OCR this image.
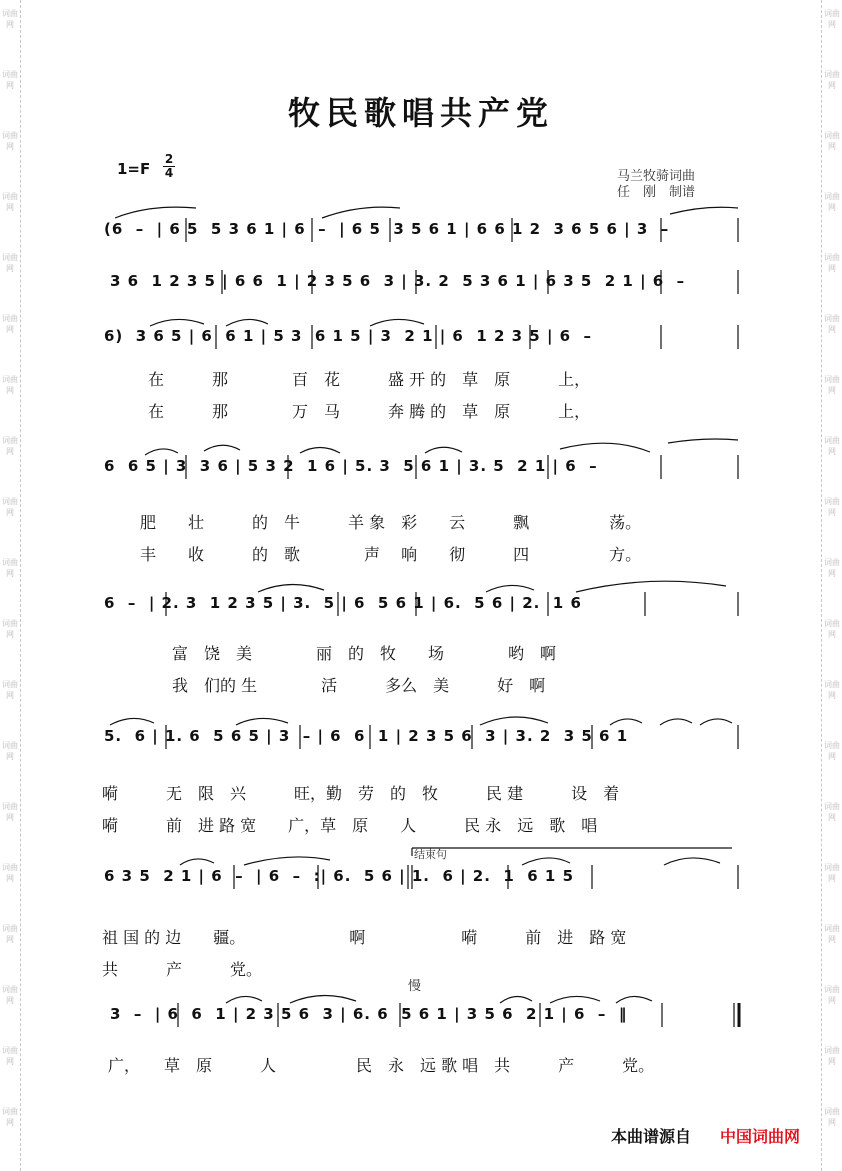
词曲网
词曲网
词曲网
词曲网
词曲网
词曲网
词曲网
词曲网
词曲网
词曲网
词曲网
词曲网
词曲网
词曲网
词曲网
词曲网
词曲网
词曲网
词曲网
词曲网
词曲网
词曲网
词曲网
词曲网
词曲网
词曲网
词曲网
词曲网
词曲网
词曲网
词曲网
词曲网
词曲网
词曲网
词曲网
词曲网
词曲网
词曲网
牧民歌唱共产党
1=F
2
4	马兰牧骑词曲
任　刚　制谱
(6  –  | 6 5  5 3 6 1 | 6  –  | 6 5  3 5 6 1 | 6 6 1 2  3 6 5 6 | 3  –
3 6  1 2 3 5 | 6 6  1 | 2 3 5 6  3 | 3. 2  5 3 6 1 | 6 3 5  2 1 | 6  –
6)  3 6 5 | 6  6 1 | 5 3  6 1 5 | 3  2 1 | 6  1 2 3 5 | 6  –
在　　　那　　　　百　花　　　盛 开 的　草　原　　　上，
在　　　那　　　　万　马　　　奔 腾 的　草　原　　　上，
6  6 5 | 3  3 6 | 5 3 2  1 6 | 5. 3  5 6 1 | 3. 5  2 1 | 6  –
肥　　壮　　　的　牛　　　羊 象　彩　　云　　　飘　　　　　荡。
丰　　收　　　的　歌　　　　声　 响　　彻　　　四　　　　　方。
6  –  | 2. 3  1 2 3 5 | 3.  5 | 6  5 6 1 | 6.  5 6 | 2.  1 6
富　饶　美　　　　丽　的　牧　　场　　　　哟　啊
我　们的 生　　　　活　　　多么　美　　　好　啊
5.  6 | 1. 6  5 6 5 | 3  – | 6  6  1 | 2 3 5 6  3 | 3. 2  3 5 6 1
嗬　　　无　限　兴　　　旺，勤　劳　的　牧　　　民 建　　　设　着
嗬　　　前　进 路 宽　　广，草　原　　人　　　民 永　远　歌　唱
结束句
6 3 5  2 1 | 6  –  | 6  –  :| 6.  5 6 | 1.  6 | 2.  1  6 1 5
祖 国 的 边　　疆。　　　　　　　啊　　　　　　嗬　　　前　进　路 宽
共　　　产　　　党。
慢
3  –  | 6  6  1 | 2 3 5 6  3 | 6. 6  5 6 1 | 3 5 6  2 1 | 6  –  ‖
广，　　草　原　　　人　　　　　民　永　远 歌 唱　共　　　产　　　党。
本曲谱源自 中国词曲网
